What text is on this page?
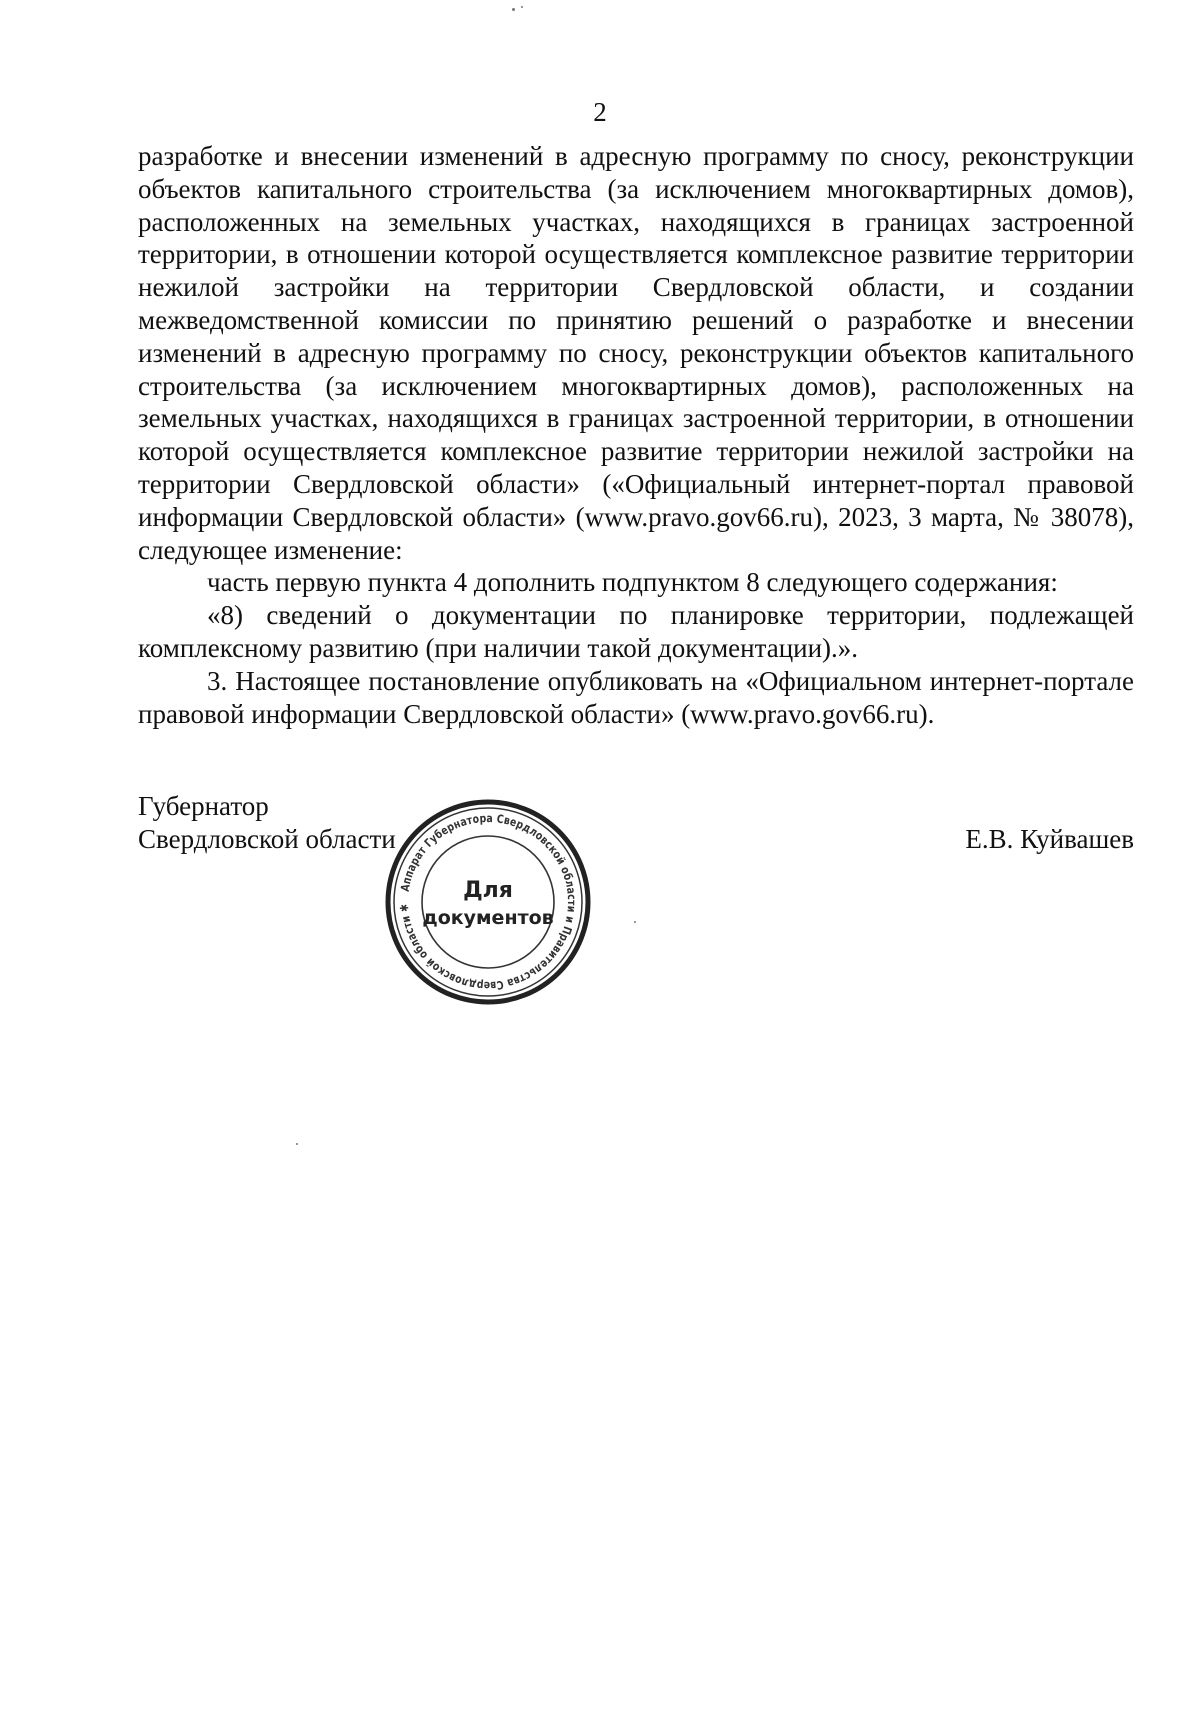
2

разработке и внесении изменений в адресную программу по сносу, реконструкции объектов капитального строительства (за исключением многоквартирных домов), расположенных на земельных участках, находящихся в границах застроенной территории, в отношении которой осуществляется комплексное развитие территории нежилой застройки на территории Свердловской области, и создании межведомственной комиссии по принятию решений о разработке и внесении изменений в адресную программу по сносу, реконструкции объектов капитального строительства (за исключением многоквартирных домов), расположенных на земельных участках, находящихся в границах застроенной территории, в отношении которой осуществляется комплексное развитие территории нежилой застройки на территории Свердловской области» («Официальный интернет-портал правовой информации Свердловской области» (www.pravo.gov66.ru), 2023, 3 марта, № 38078), следующее изменение:

часть первую пункта 4 дополнить подпунктом 8 следующего содержания:

«8) сведений о документации по планировке территории, подлежащей комплексному развитию (при наличии такой документации).».

3. Настоящее постановление опубликовать на «Официальном интернет-портале правовой информации Свердловской области» (www.pravo.gov66.ru).

Губернатор
Свердловской области	Е.В. Куйвашев
Аппарат Губернатора Свердловской области и Правительства Свердловской области ✱
Для
документов
